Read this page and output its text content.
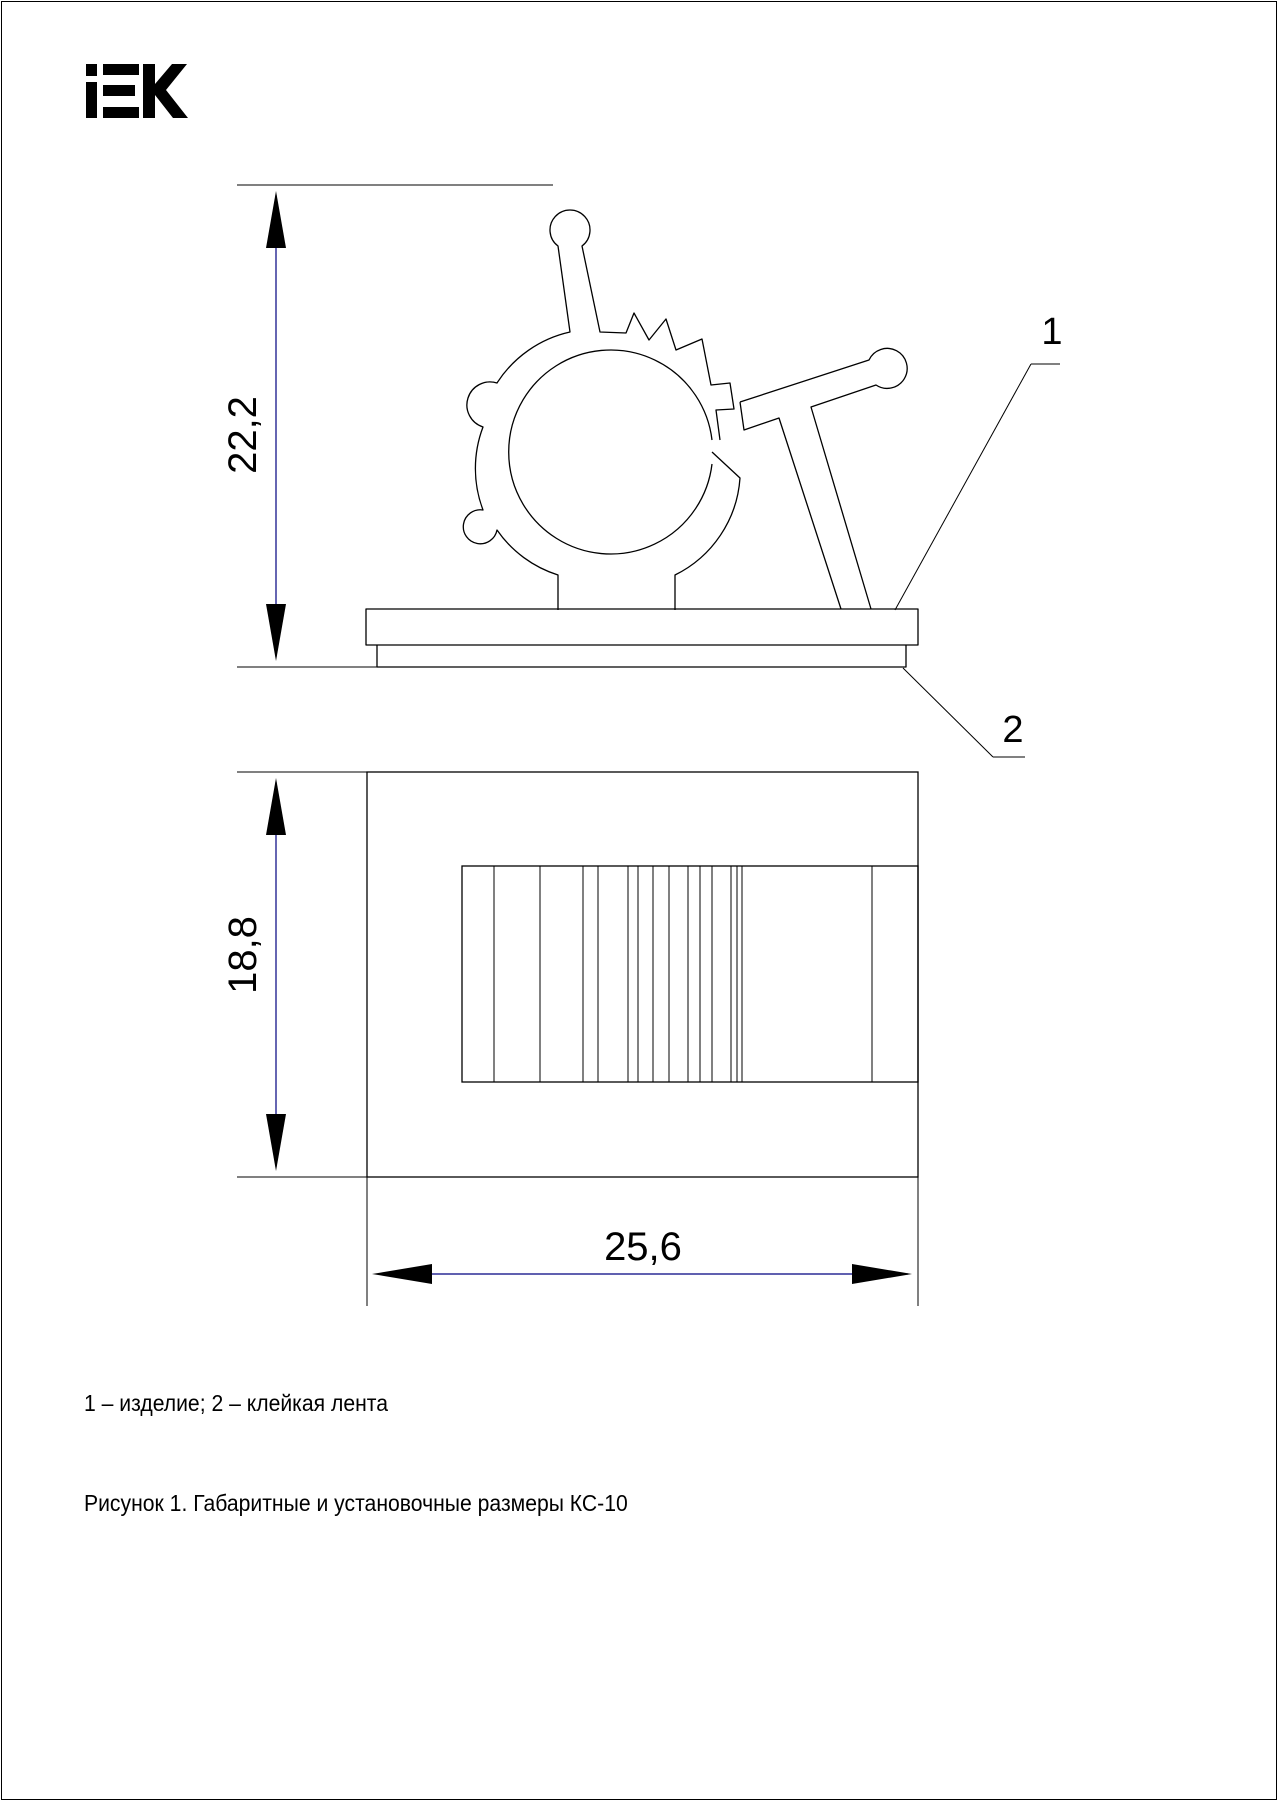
22,2
18,8
25,6
1
2
1 – изделие; 2 – клейкая лента
Рисунок 1. Габаритные и установочные размеры КС-10
